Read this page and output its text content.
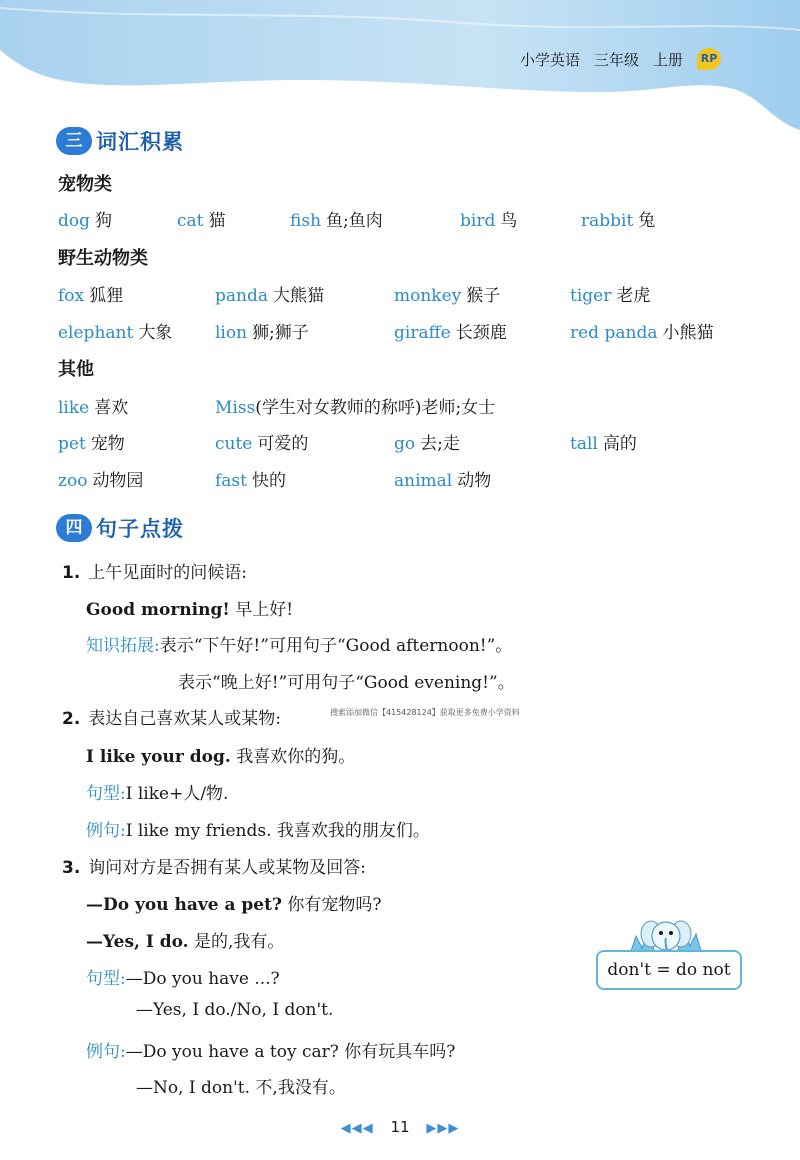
小学英语 三年级 上册	RP
三 词汇积累
宠物类
dog 狗	cat 猫	fish 鱼;鱼肉	bird 鸟	rabbit 兔
野生动物类
fox 狐狸	panda 大熊猫	monkey 猴子	tiger 老虎
elephant 大象	lion 狮;狮子	giraffe 长颈鹿	red panda 小熊猫
其他
like 喜欢	Miss(学生对女教师的称呼)老师;女士
pet 宠物	cute 可爱的	go 去;走	tall 高的
zoo 动物园	fast 快的	animal 动物
四 句子点拨
1. 上午见面时的问候语:
Good morning! 早上好!
知识拓展:表示“下午好!”可用句子“Good afternoon!”。
表示“晚上好!”可用句子“Good evening!”。
2. 表达自己喜欢某人或某物:	搜索添加微信【415428124】获取更多免费小学资料
I like your dog. 我喜欢你的狗。
句型:I like+人/物.
例句:I like my friends. 我喜欢我的朋友们。
3. 询问对方是否拥有某人或某物及回答:
—Do you have a pet? 你有宠物吗?
—Yes, I do. 是的,我有。
句型:—Do you have ...?
—Yes, I do./No, I don't.
例句:—Do you have a toy car? 你有玩具车吗?
—No, I don't. 不,我没有。
don't = do not
◀◀◀ 11 ▶▶▶
